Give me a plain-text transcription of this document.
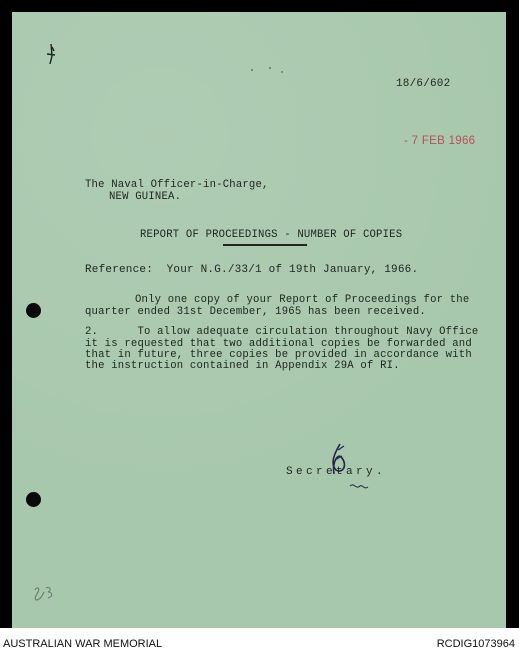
18/6/602
- 7 FEB 1966
The Naval Officer-in-Charge,
NEW GUINEA.
REPORT OF PROCEEDINGS - NUMBER OF COPIES
Reference:  Your N.G./33/1 of 19th January, 1966.
Only one copy of your Report of Proceedings for the
quarter ended 31st December, 1965 has been received.
2.      To allow adequate circulation throughout Navy Office
it is requested that two additional copies be forwarded and
that in future, three copies be provided in accordance with
the instruction contained in Appendix 29A of RI.
Secretary.
AUSTRALIAN WAR MEMORIAL	RCDIG1073964
